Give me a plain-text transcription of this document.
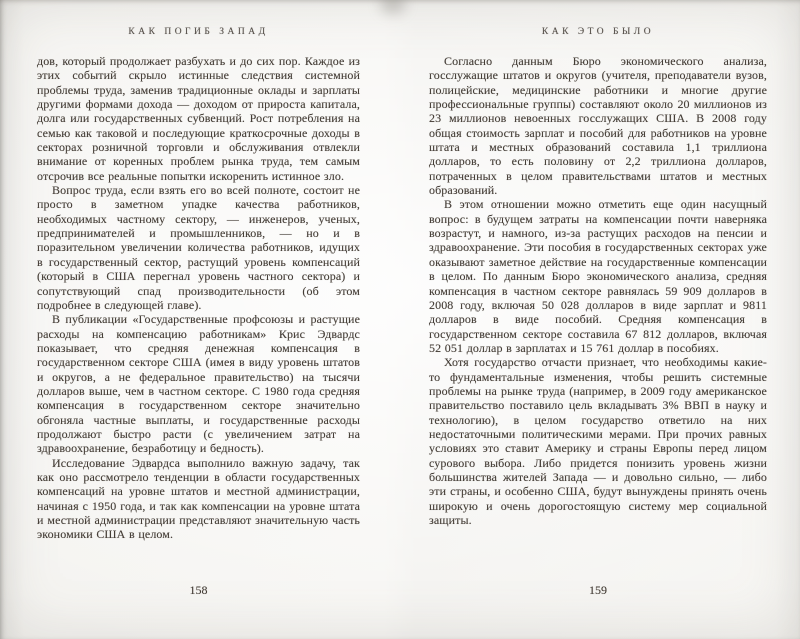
КАК ПОГИБ ЗАПАД

дов, который продолжает разбухать и до сих пор. Каждое из этих событий скрыло истинные следствия системной проблемы труда, заменив традиционные оклады и зарплаты другими формами дохода — доходом от прироста капитала, долга или государственных субвенций. Рост потребления на семью как таковой и последующие краткосрочные доходы в секторах розничной торговли и обслуживания отвлекли внимание от коренных проблем рынка труда, тем самым отсрочив все реальные попытки искоренить истинное зло.

Вопрос труда, если взять его во всей полноте, состоит не просто в заметном упадке качества работников, необходимых частному сектору, — инженеров, ученых, предпринимателей и промышленников, — но и в поразительном увеличении количества работников, идущих в государственный сектор, растущий уровень компенсаций (который в США перегнал уровень частного сектора) и сопутствующий спад производительности (об этом подробнее в следующей главе).

В публикации «Государственные профсоюзы и растущие расходы на компенсацию работникам» Крис Эдвардс показывает, что средняя денежная компенсация в государственном секторе США (имея в виду уровень штатов и округов, а не федеральное правительство) на тысячи долларов выше, чем в частном секторе. С 1980 года средняя компенсация в государственном секторе значительно обгоняла частные выплаты, и государственные расходы продолжают быстро расти (с увеличением затрат на здравоохранение, безработицу и бедность).

Исследование Эдвардса выполнило важную задачу, так как оно рассмотрело тенденции в области государственных компенсаций на уровне штатов и местной администрации, начиная с 1950 года, и так как компенсации на уровне штата и местной администрации представляют значительную часть экономики США в целом.

158
КАК ЭТО БЫЛО

Согласно данным Бюро экономического анализа, госслужащие штатов и округов (учителя, преподаватели вузов, полицейские, медицинские работники и многие другие профессиональные группы) составляют около 20 миллионов из 23 миллионов невоенных госслужащих США. В 2008 году общая стоимость зарплат и пособий для работников на уровне штата и местных образований составила 1,1 триллиона долларов, то есть половину от 2,2 триллиона долларов, потраченных в целом правительствами штатов и местных образований.

В этом отношении можно отметить еще один насущный вопрос: в будущем затраты на компенсации почти наверняка возрастут, и намного, из-за растущих расходов на пенсии и здравоохранение. Эти пособия в государственных секторах уже оказывают заметное действие на государственные компенсации в целом. По данным Бюро экономического анализа, средняя компенсация в частном секторе равнялась 59 909 долларов в 2008 году, включая 50 028 долларов в виде зарплат и 9811 долларов в виде пособий. Средняя компенсация в государственном секторе составила 67 812 долларов, включая 52 051 доллар в зарплатах и 15 761 доллар в пособиях.

Хотя государство отчасти признает, что необходимы какие-то фундаментальные изменения, чтобы решить системные проблемы на рынке труда (например, в 2009 году американское правительство поставило цель вкладывать 3% ВВП в науку и технологию), в целом государство ответило на них недостаточными политическими мерами. При прочих равных условиях это ставит Америку и страны Европы перед лицом сурового выбора. Либо придется понизить уровень жизни большинства жителей Запада — и довольно сильно, — либо эти страны, и особенно США, будут вынуждены принять очень широкую и очень дорогостоящую систему мер социальной защиты.

159
